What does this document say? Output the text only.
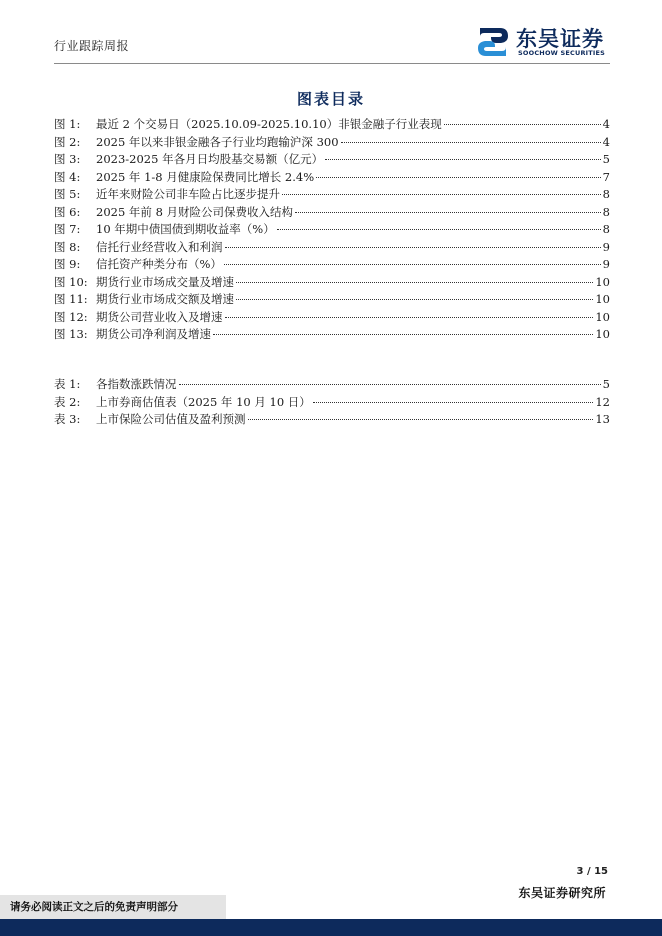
行业跟踪周报	东吴证券
SOOCHOW SECURITIES
图表目录
图 1:	最近 2 个交易日（2025.10.09-2025.10.10）非银金融子行业表现	4
图 2:	2025 年以来非银金融各子行业均跑输沪深 300	4
图 3:	2023-2025 年各月日均股基交易额（亿元）	5
图 4:	2025 年 1-8 月健康险保费同比增长 2.4%	7
图 5:	近年来财险公司非车险占比逐步提升	8
图 6:	2025 年前 8 月财险公司保费收入结构	8
图 7:	10 年期中债国债到期收益率（%）	8
图 8:	信托行业经营收入和利润	9
图 9:	信托资产种类分布（%）	9
图 10: 期货行业市场成交量及增速	10
图 11: 期货行业市场成交额及增速	10
图 12: 期货公司营业收入及增速	10
图 13: 期货公司净利润及增速	10
表 1:	各指数涨跌情况	5
表 2:	上市券商估值表（2025 年 10 月 10 日）	12
表 3:	上市保险公司估值及盈利预测	13
3 / 15
东吴证券研究所
请务必阅读正文之后的免责声明部分
